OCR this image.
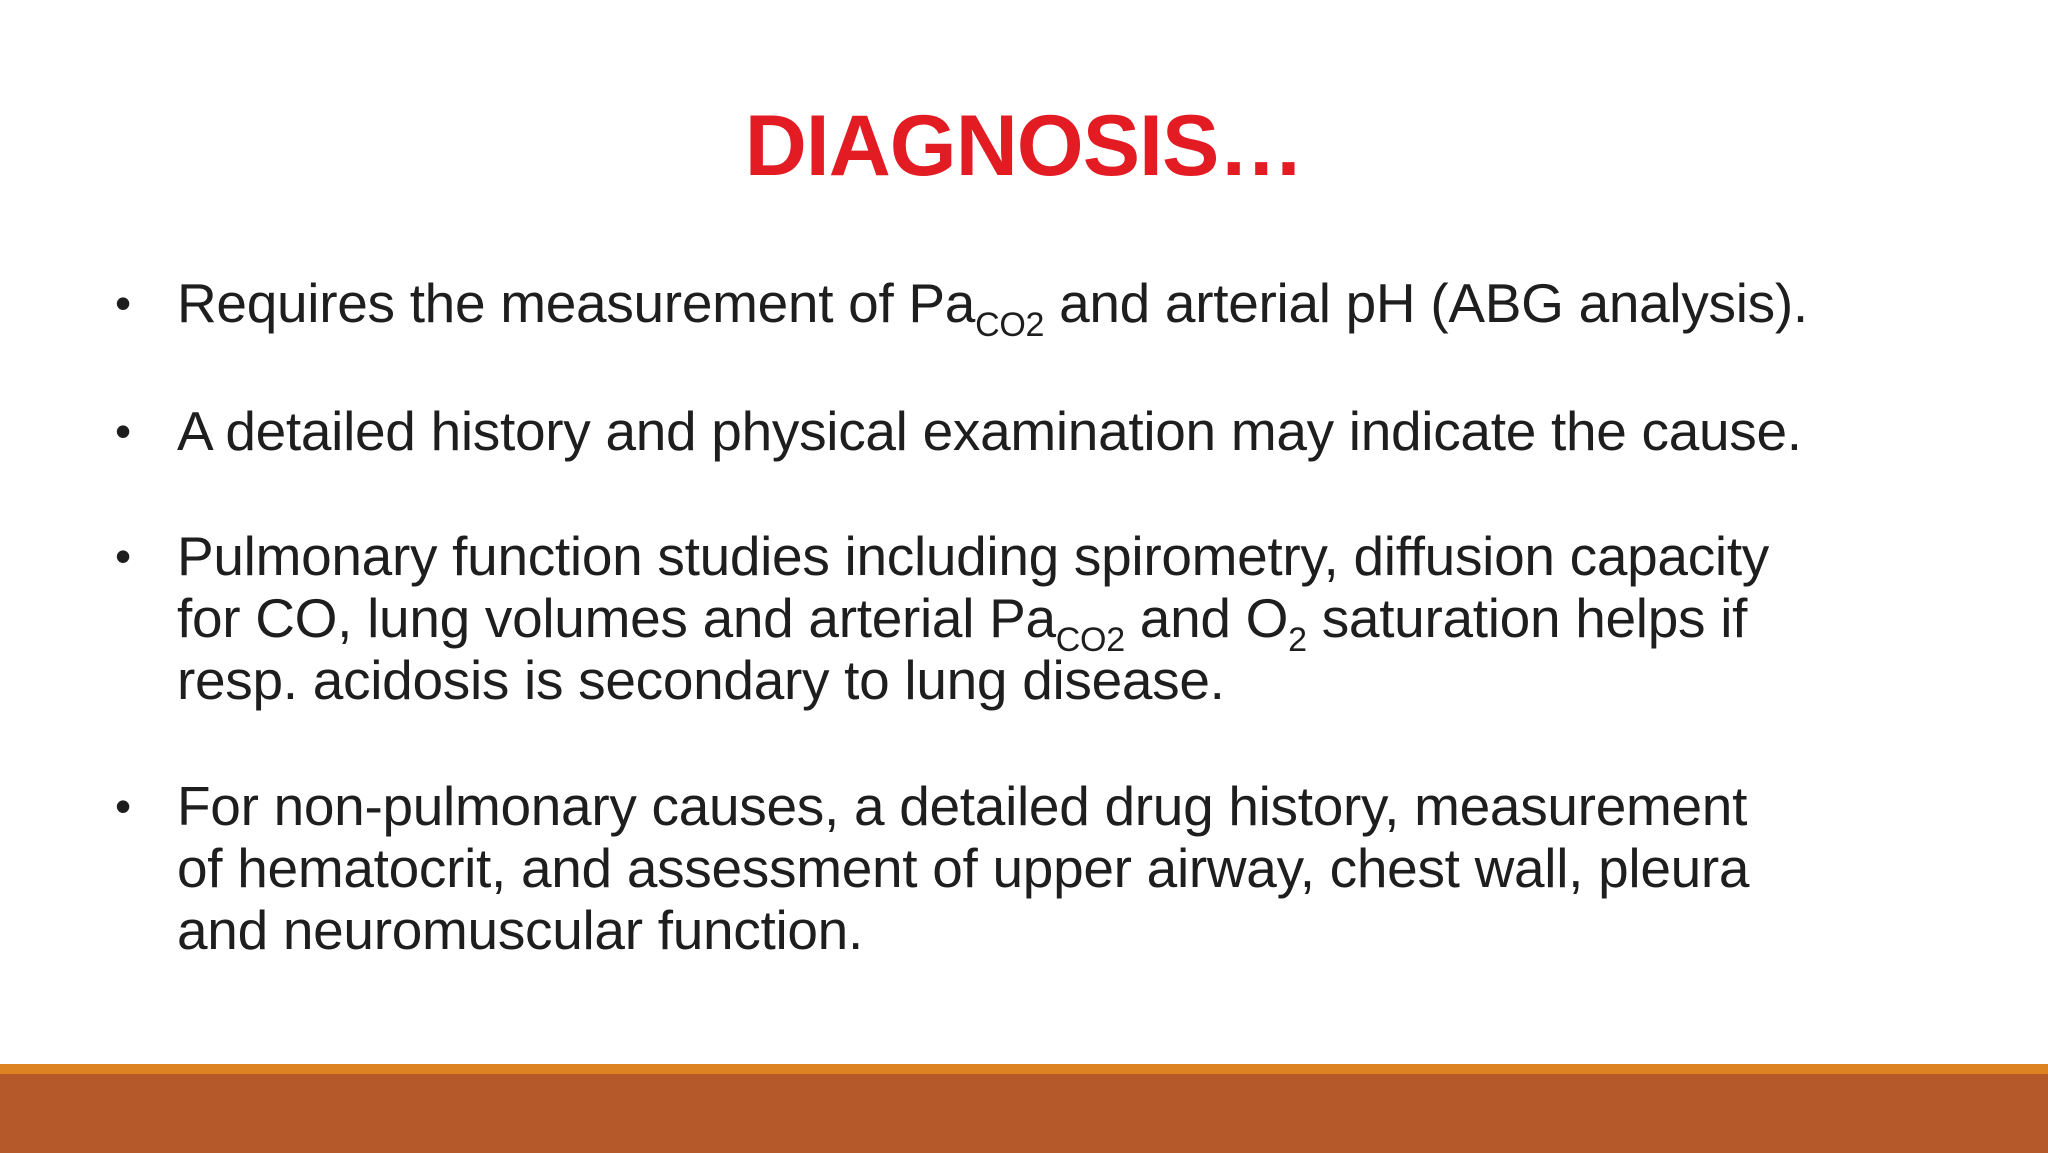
DIAGNOSIS…
• Requires the measurement of $Pa_{CO2}$ and arterial pH (ABG analysis).
• A detailed history and physical examination may indicate the cause.
• Pulmonary function studies including spirometry, diffusion capacity
for CO, lung volumes and arterial $Pa_{CO2}$ and $O_2$ saturation helps if
resp. acidosis is secondary to lung disease.
• For non-pulmonary causes, a detailed drug history, measurement
of hematocrit, and assessment of upper airway, chest wall, pleura
and neuromuscular function.
